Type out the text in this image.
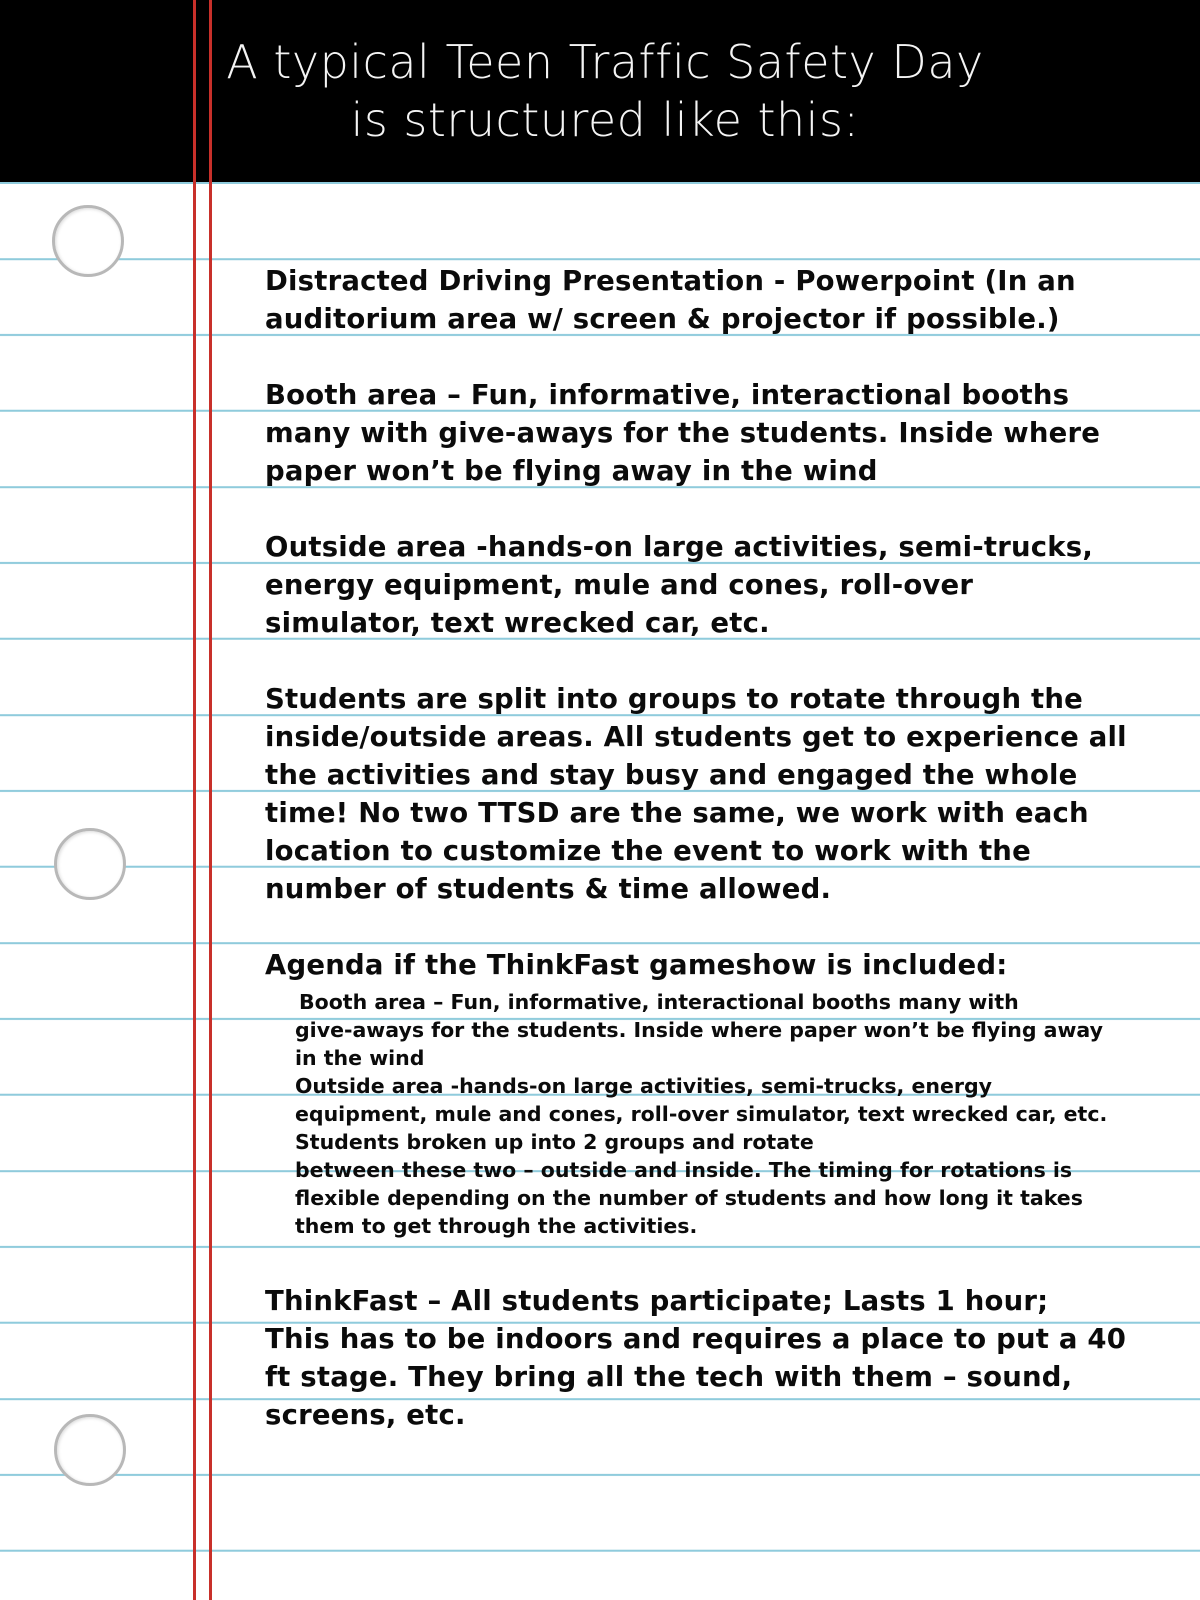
A typical Teen Traffic Safety Day
is structured like this:
Distracted Driving Presentation - Powerpoint (In an
auditorium area w/ screen & projector if possible.)
Booth area – Fun, informative, interactional booths
many with give-aways for the students. Inside where
paper won’t be flying away in the wind
Outside area -hands-on large activities, semi-trucks,
energy equipment, mule and cones, roll-over
simulator, text wrecked car, etc.
Students are split into groups to rotate through the
inside/outside areas. All students get to experience all
the activities and stay busy and engaged the whole
time! No two TTSD are the same, we work with each
location to customize the event to work with the
number of students & time allowed.
Agenda if the ThinkFast gameshow is included:
Booth area – Fun, informative, interactional booths many with
give-aways for the students. Inside where paper won’t be flying away
in the wind
Outside area -hands-on large activities, semi-trucks, energy
equipment, mule and cones, roll-over simulator, text wrecked car, etc.
Students broken up into 2 groups and rotate
between these two – outside and inside. The timing for rotations is
flexible depending on the number of students and how long it takes
them to get through the activities.
ThinkFast – All students participate; Lasts 1 hour;
This has to be indoors and requires a place to put a 40
ft stage. They bring all the tech with them – sound,
screens, etc.
